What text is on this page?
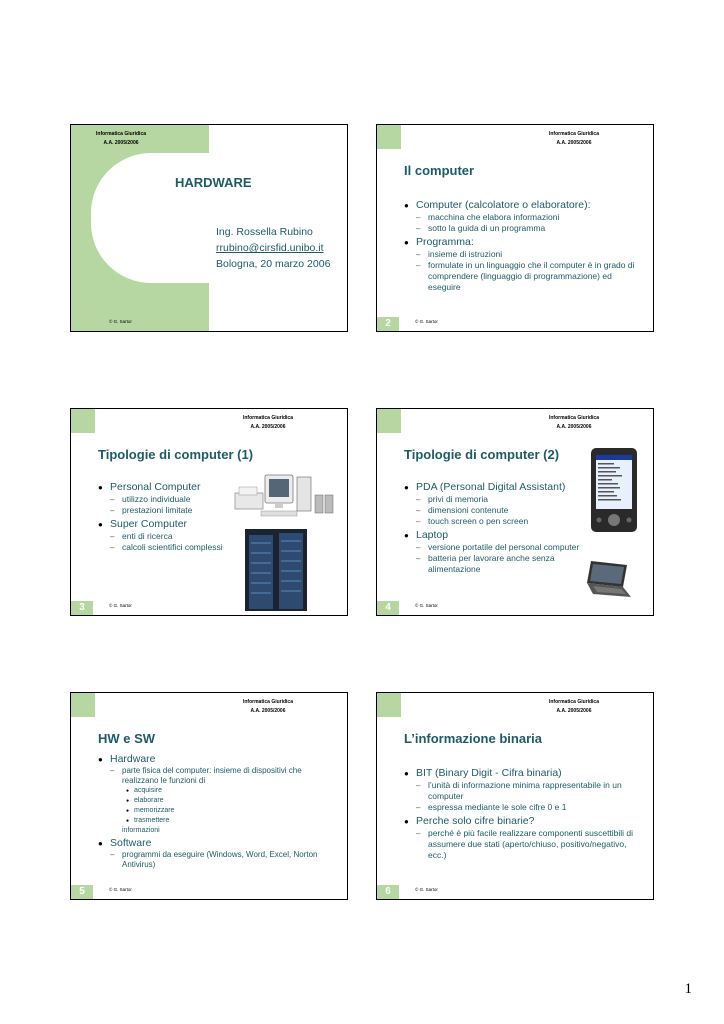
Informatica Giuridica
A.A. 2005/2006
HARDWARE
Ing. Rossella Rubino
rrubino@cirsfid.unibo.it
Bologna, 20 marzo 2006
© G. Sartor
Informatica Giuridica
A.A. 2005/2006
Il computer
● Computer (calcolatore o elaboratore):
– macchina che elabora informazioni
– sotto la guida di un programma
● Programma:
– insieme di istruzioni
– formulate in un linguaggio che il computer è in grado di comprendere (linguaggio di programmazione) ed eseguire
© G. Sartor
2
Informatica Giuridica
A.A. 2005/2006
Tipologie di computer (1)
● Personal Computer
– utilizzo individuale
– prestazioni limitate
● Super Computer
– enti di ricerca
– calcoli scientifici complessi
© G. Sartor
3
Informatica Giuridica
A.A. 2005/2006
Tipologie di computer (2)
● PDA (Personal Digital Assistant)
– privi di memoria
– dimensioni contenute
– touch screen o pen screen
● Laptop
– versione portatile del personal computer
– batteria per lavorare anche senza alimentazione
© G. Sartor
4
Informatica Giuridica
A.A. 2005/2006
HW e SW
● Hardware
– parte fisica del computer: insieme di dispositivi che realizzano le funzioni di
● acquisire
● elaborare
● memorizzare
● trasmettere
informazioni
● Software
– programmi da eseguire (Windows, Word, Excel, Norton Antivirus)
© G. Sartor
5
Informatica Giuridica
A.A. 2005/2006
L’informazione binaria
● BIT (Binary Digit - Cifra binaria)
– l’unità di informazione minima rappresentabile in un computer
– espressa mediante le sole cifre 0 e 1
● Perche solo cifre binarie?
– perché è più facile realizzare componenti suscettibili di assumere due stati (aperto/chiuso, positivo/negativo, ecc.)
© G. Sartor
6
1
